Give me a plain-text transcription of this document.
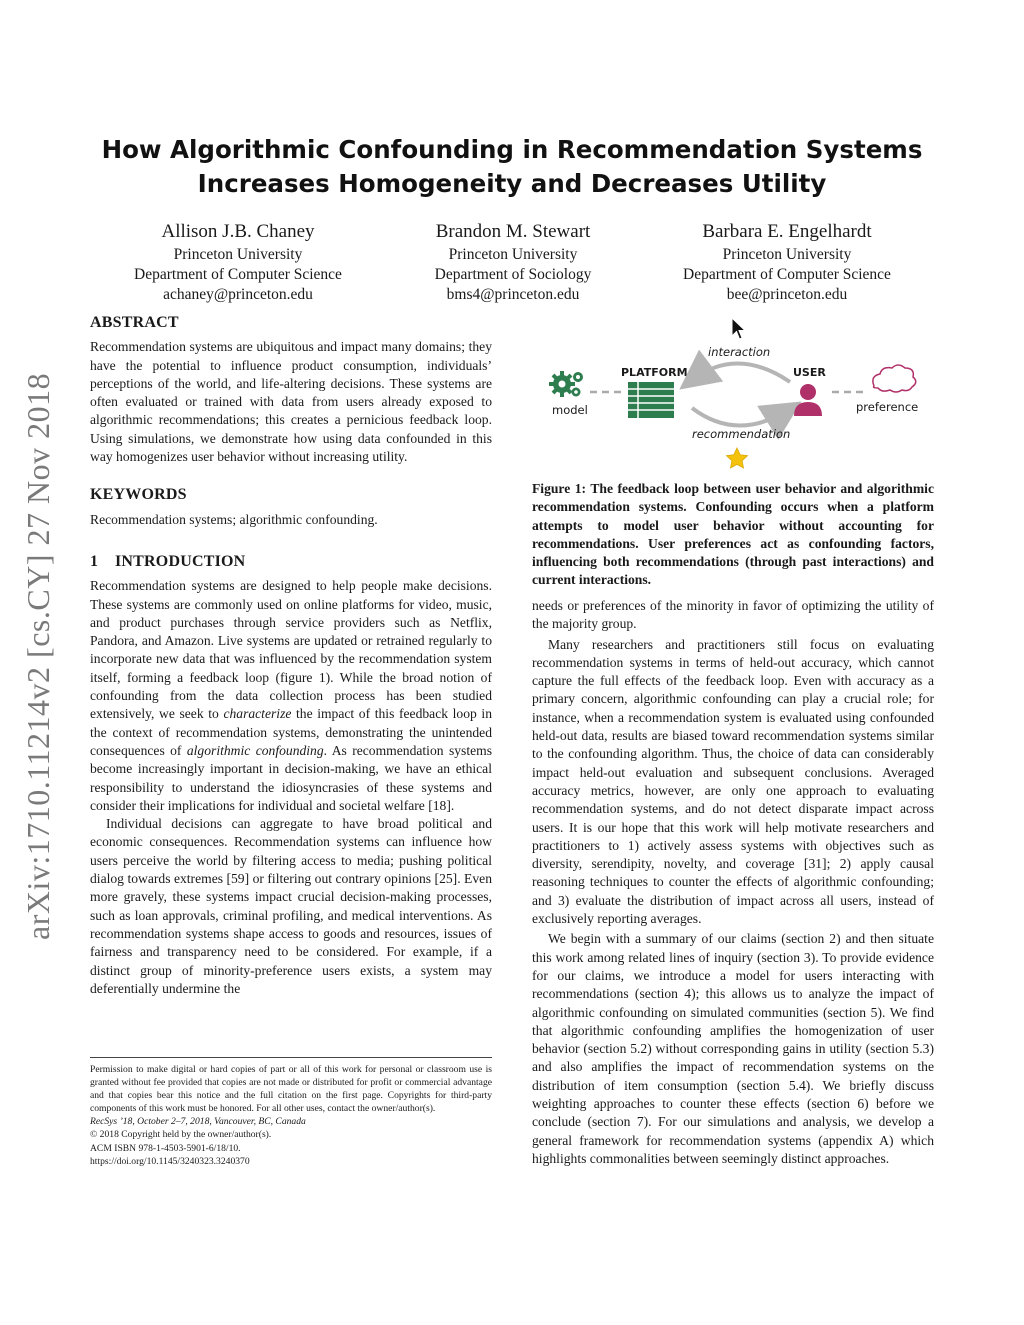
arXiv:1710.11214v2 [cs.CY] 27 Nov 2018
How Algorithmic Confounding in Recommendation Systems
Increases Homogeneity and Decreases Utility
Allison J.B. Chaney
Princeton University
Department of Computer Science
achaney@princeton.edu
Brandon M. Stewart
Princeton University
Department of Sociology
bms4@princeton.edu
Barbara E. Engelhardt
Princeton University
Department of Computer Science
bee@princeton.edu
ABSTRACT

Recommendation systems are ubiquitous and impact many domains; they have the potential to influence product consumption, individuals’ perceptions of the world, and life-altering decisions. These systems are often evaluated or trained with data from users already exposed to algorithmic recommendations; this creates a pernicious feedback loop. Using simulations, we demonstrate how using data confounded in this way homogenizes user behavior without increasing utility.

KEYWORDS

Recommendation systems; algorithmic confounding.

1    INTRODUCTION

Recommendation systems are designed to help people make decisions. These systems are commonly used on online platforms for video, music, and product purchases through service providers such as Netflix, Pandora, and Amazon. Live systems are updated or retrained regularly to incorporate new data that was influenced by the recommendation system itself, forming a feedback loop (figure 1). While the broad notion of confounding from the data collection process has been studied extensively, we seek to characterize the impact of this feedback loop in the context of recommendation systems, demonstrating the unintended consequences of algorithmic confounding. As recommendation systems become increasingly important in decision-making, we have an ethical responsibility to understand the idiosyncrasies of these systems and consider their implications for individual and societal welfare [18].

Individual decisions can aggregate to have broad political and economic consequences. Recommendation systems can influence how users perceive the world by filtering access to media; pushing political dialog towards extremes [59] or filtering out contrary opinions [25]. Even more gravely, these systems impact crucial decision-making processes, such as loan approvals, criminal profiling, and medical interventions. As recommendation systems shape access to goods and resources, issues of fairness and transparency need to be considered. For example, if a distinct group of minority-preference users exists, a system may deferentially undermine the

model
PLATFORM
interaction
recommendation
USER
preference
Figure 1: The feedback loop between user behavior and algorithmic recommendation systems. Confounding occurs when a platform attempts to model user behavior without accounting for recommendations. User preferences act as confounding factors, influencing both recommendations (through past interactions) and current interactions.

needs or preferences of the minority in favor of optimizing the utility of the majority group.

Many researchers and practitioners still focus on evaluating recommendation systems in terms of held-out accuracy, which cannot capture the full effects of the feedback loop. Even with accuracy as a primary concern, algorithmic confounding can play a crucial role; for instance, when a recommendation system is evaluated using confounded held-out data, results are biased toward recommendation systems similar to the confounding algorithm. Thus, the choice of data can considerably impact held-out evaluation and subsequent conclusions. Averaged accuracy metrics, however, are only one approach to evaluating recommendation systems, and do not detect disparate impact across users. It is our hope that this work will help motivate researchers and practitioners to 1) actively assess systems with objectives such as diversity, serendipity, novelty, and coverage [31]; 2) apply causal reasoning techniques to counter the effects of algorithmic confounding; and 3) evaluate the distribution of impact across all users, instead of exclusively reporting averages.

We begin with a summary of our claims (section 2) and then situate this work among related lines of inquiry (section 3). To provide evidence for our claims, we introduce a model for users interacting with recommendations (section 4); this allows us to analyze the impact of algorithmic confounding on simulated communities (section 5). We find that algorithmic confounding amplifies the homogenization of user behavior (section 5.2) without corresponding gains in utility (section 5.3) and also amplifies the impact of recommendation systems on the distribution of item consumption (section 5.4). We briefly discuss weighting approaches to counter these effects (section 6) before we conclude (section 7). For our simulations and analysis, we develop a general framework for recommendation systems (appendix A) which highlights commonalities between seemingly distinct approaches.

Permission to make digital or hard copies of part or all of this work for personal or classroom use is granted without fee provided that copies are not made or distributed for profit or commercial advantage and that copies bear this notice and the full citation on the first page. Copyrights for third-party components of this work must be honored. For all other uses, contact the owner/author(s).
RecSys ’18, October 2–7, 2018, Vancouver, BC, Canada
© 2018 Copyright held by the owner/author(s).
ACM ISBN 978-1-4503-5901-6/18/10.
https://doi.org/10.1145/3240323.3240370
